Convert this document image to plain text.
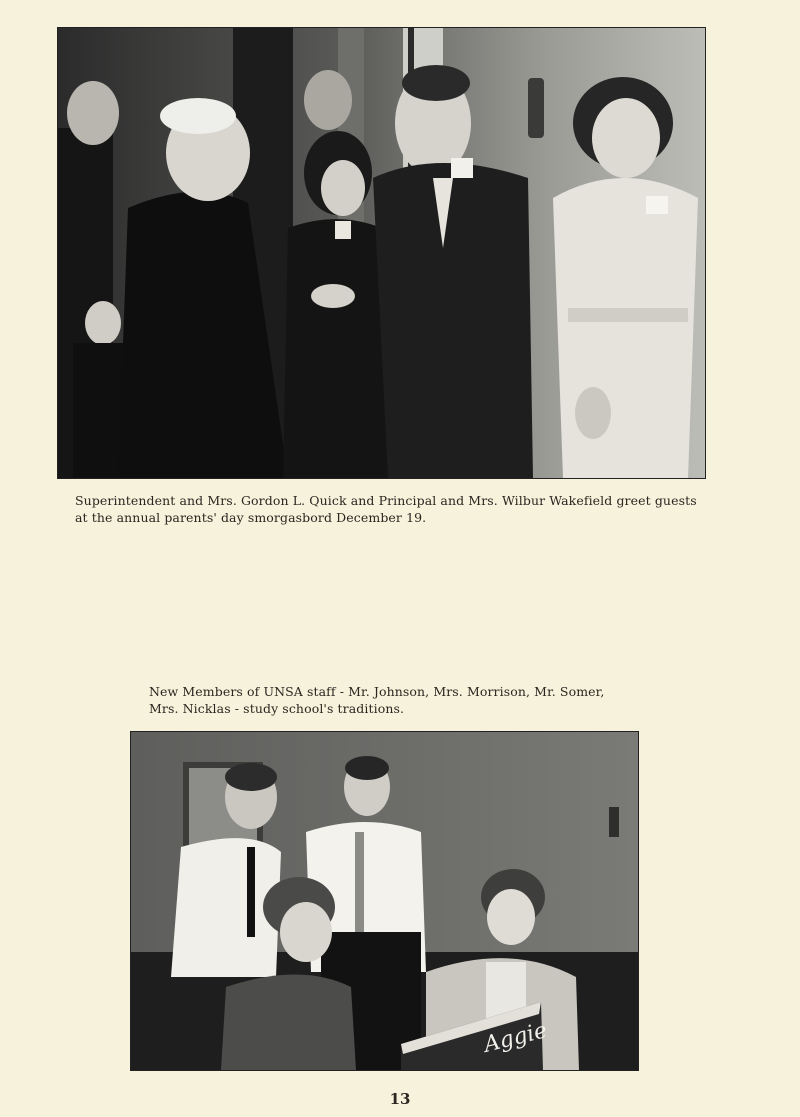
Superintendent and Mrs. Gordon L. Quick and Principal and Mrs. Wilbur Wakefield greet guests
at the annual parents' day smorgasbord December 19.

New Members of UNSA staff - Mr. Johnson, Mrs. Morrison, Mr. Somer,
Mrs. Nicklas - study school's traditions.

Aggie
13
